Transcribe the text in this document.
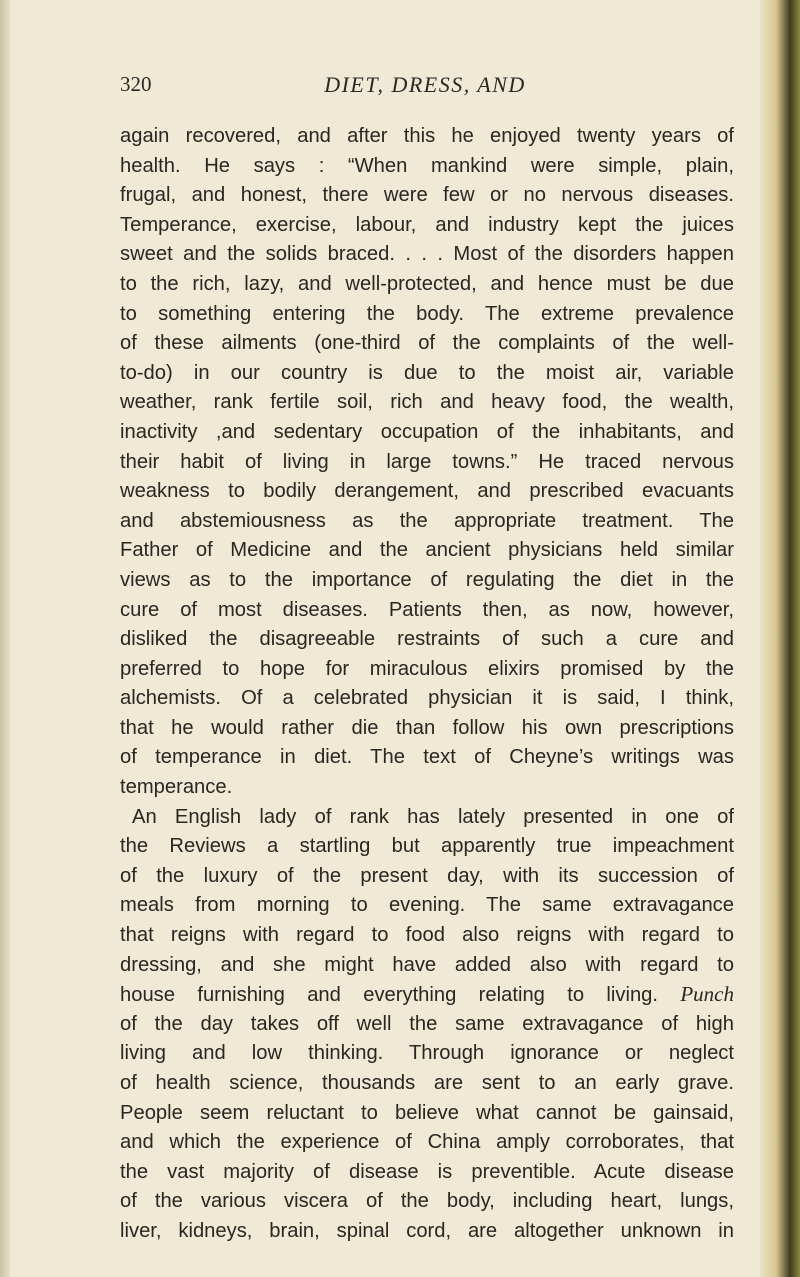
320	DIET, DRESS, AND
again recovered, and after this he enjoyed twenty years of
health. He says : “When mankind were simple, plain,
frugal, and honest, there were few or no nervous diseases.
Temperance, exercise, labour, and industry kept the juices
sweet and the solids braced. . . . Most of the disorders happen
to the rich, lazy, and well-protected, and hence must be due
to something entering the body. The extreme prevalence
of these ailments (one-third of the complaints of the well-
to-do) in our country is due to the moist air, variable
weather, rank fertile soil, rich and heavy food, the wealth,
inactivity ,and sedentary occupation of the inhabitants, and
their habit of living in large towns.” He traced nervous
weakness to bodily derangement, and prescribed evacuants
and abstemiousness as the appropriate treatment. The
Father of Medicine and the ancient physicians held similar
views as to the importance of regulating the diet in the
cure of most diseases. Patients then, as now, however,
disliked the disagreeable restraints of such a cure and
preferred to hope for miraculous elixirs promised by the
alchemists. Of a celebrated physician it is said, I think,
that he would rather die than follow his own prescriptions
of temperance in diet. The text of Cheyne’s writings was
temperance.
An English lady of rank has lately presented in one of
the Reviews a startling but apparently true impeachment
of the luxury of the present day, with its succession of
meals from morning to evening. The same extravagance
that reigns with regard to food also reigns with regard to
dressing, and she might have added also with regard to
house furnishing and everything relating to living. Punch
of the day takes off well the same extravagance of high
living and low thinking. Through ignorance or neglect
of health science, thousands are sent to an early grave.
People seem reluctant to believe what cannot be gainsaid,
and which the experience of China amply corroborates, that
the vast majority of disease is preventible. Acute disease
of the various viscera of the body, including heart, lungs,
liver, kidneys, brain, spinal cord, are altogether unknown in
